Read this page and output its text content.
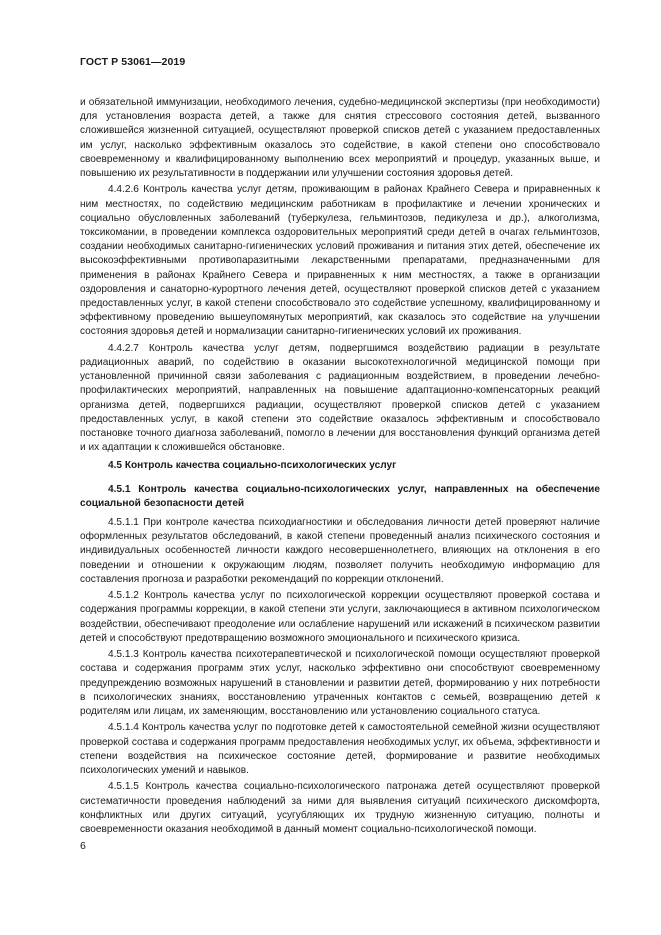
ГОСТ Р 53061—2019

и обязательной иммунизации, необходимого лечения, судебно-медицинской экспертизы (при необходимости) для установления возраста детей, а также для снятия стрессового состояния детей, вызванного сложившейся жизненной ситуацией, осуществляют проверкой списков детей с указанием предоставленных им услуг, насколько эффективным оказалось это содействие, в какой степени оно способствовало своевременному и квалифицированному выполнению всех мероприятий и процедур, указанных выше, и повышению их результативности в поддержании или улучшении состояния здоровья детей.

4.4.2.6 Контроль качества услуг детям, проживающим в районах Крайнего Севера и приравненных к ним местностях, по содействию медицинским работникам в профилактике и лечении хронических и социально обусловленных заболеваний (туберкулеза, гельминтозов, педикулеза и др.), алкоголизма, токсикомании, в проведении комплекса оздоровительных мероприятий среди детей в очагах гельминтозов, создании необходимых санитарно-гигиенических условий проживания и питания этих детей, обеспечение их высокоэффективными противопаразитными лекарственными препаратами, предназначенными для применения в районах Крайнего Севера и приравненных к ним местностях, а также в организации оздоровления и санаторно-курортного лечения детей, осуществляют проверкой списков детей с указанием предоставленных услуг, в какой степени способствовало это содействие успешному, квалифицированному и эффективному проведению вышеупомянутых мероприятий, как сказалось это содействие на улучшении состояния здоровья детей и нормализации санитарно-гигиенических условий их проживания.

4.4.2.7 Контроль качества услуг детям, подвергшимся воздействию радиации в результате радиационных аварий, по содействию в оказании высокотехнологичной медицинской помощи при установленной причинной связи заболевания с радиационным воздействием, в проведении лечебно-профилактических мероприятий, направленных на повышение адаптационно-компенсаторных реакций организма детей, подвергшихся радиации, осуществляют проверкой списков детей с указанием предоставленных услуг, в какой степени это содействие оказалось эффективным и способствовало постановке точного диагноза заболеваний, помогло в лечении для восстановления функций организма детей и их адаптации к сложившейся обстановке.

4.5 Контроль качества социально-психологических услуг

4.5.1 Контроль качества социально-психологических услуг, направленных на обеспечение социальной безопасности детей

4.5.1.1 При контроле качества психодиагностики и обследования личности детей проверяют наличие оформленных результатов обследований, в какой степени проведенный анализ психического состояния и индивидуальных особенностей личности каждого несовершеннолетнего, влияющих на отклонения в его поведении и отношении к окружающим людям, позволяет получить необходимую информацию для составления прогноза и разработки рекомендаций по коррекции отклонений.

4.5.1.2 Контроль качества услуг по психологической коррекции осуществляют проверкой состава и содержания программы коррекции, в какой степени эти услуги, заключающиеся в активном психологическом воздействии, обеспечивают преодоление или ослабление нарушений или искажений в психическом развитии детей и способствуют предотвращению возможного эмоционального и психического кризиса.

4.5.1.3 Контроль качества психотерапевтической и психологической помощи осуществляют проверкой состава и содержания программ этих услуг, насколько эффективно они способствуют своевременному предупреждению возможных нарушений в становлении и развитии детей, формированию у них потребности в психологических знаниях, восстановлению утраченных контактов с семьей, возвращению детей к родителям или лицам, их заменяющим, восстановлению или установлению социального статуса.

4.5.1.4 Контроль качества услуг по подготовке детей к самостоятельной семейной жизни осуществляют проверкой состава и содержания программ предоставления необходимых услуг, их объема, эффективности и степени воздействия на психическое состояние детей, формирование и развитие необходимых психологических умений и навыков.

4.5.1.5 Контроль качества социально-психологического патронажа детей осуществляют проверкой систематичности проведения наблюдений за ними для выявления ситуаций психического дискомфорта, конфликтных или других ситуаций, усугубляющих их трудную жизненную ситуацию, полноты и своевременности оказания необходимой в данный момент социально-психологической помощи.

6
